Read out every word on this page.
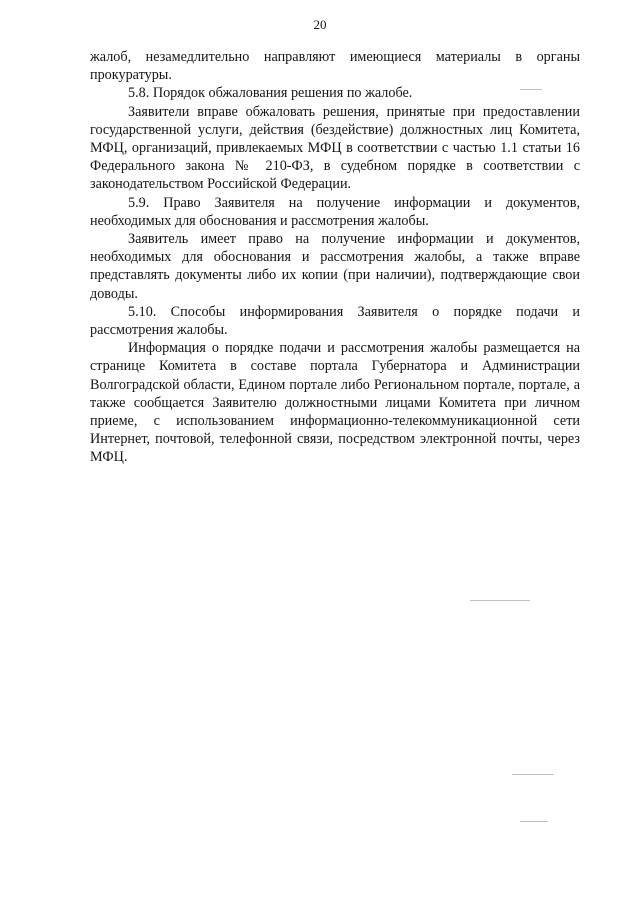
20

жалоб, незамедлительно направляют имеющиеся материалы в органы прокуратуры.

5.8. Порядок обжалования решения по жалобе.

Заявители вправе обжаловать решения, принятые при предоставлении государственной услуги, действия (бездействие) должностных лиц Комитета, МФЦ, организаций, привлекаемых МФЦ в соответствии с частью 1.1 статьи 16 Федерального закона № 210-ФЗ, в судебном порядке в соответствии с законодательством Российской Федерации.

5.9. Право Заявителя на получение информации и документов, необходимых для обоснования и рассмотрения жалобы.

Заявитель имеет право на получение информации и документов, необходимых для обоснования и рассмотрения жалобы, а также вправе представлять документы либо их копии (при наличии), подтверждающие свои доводы.

5.10. Способы информирования Заявителя о порядке подачи и рассмотрения жалобы.

Информация о порядке подачи и рассмотрения жалобы размещается на странице Комитета в составе портала Губернатора и Администрации Волгоградской области, Едином портале либо Региональном портале, портале, а также сообщается Заявителю должностными лицами Комитета при личном приеме, с использованием информационно-телекоммуникационной сети Интернет, почтовой, телефонной связи, посредством электронной почты, через МФЦ.
